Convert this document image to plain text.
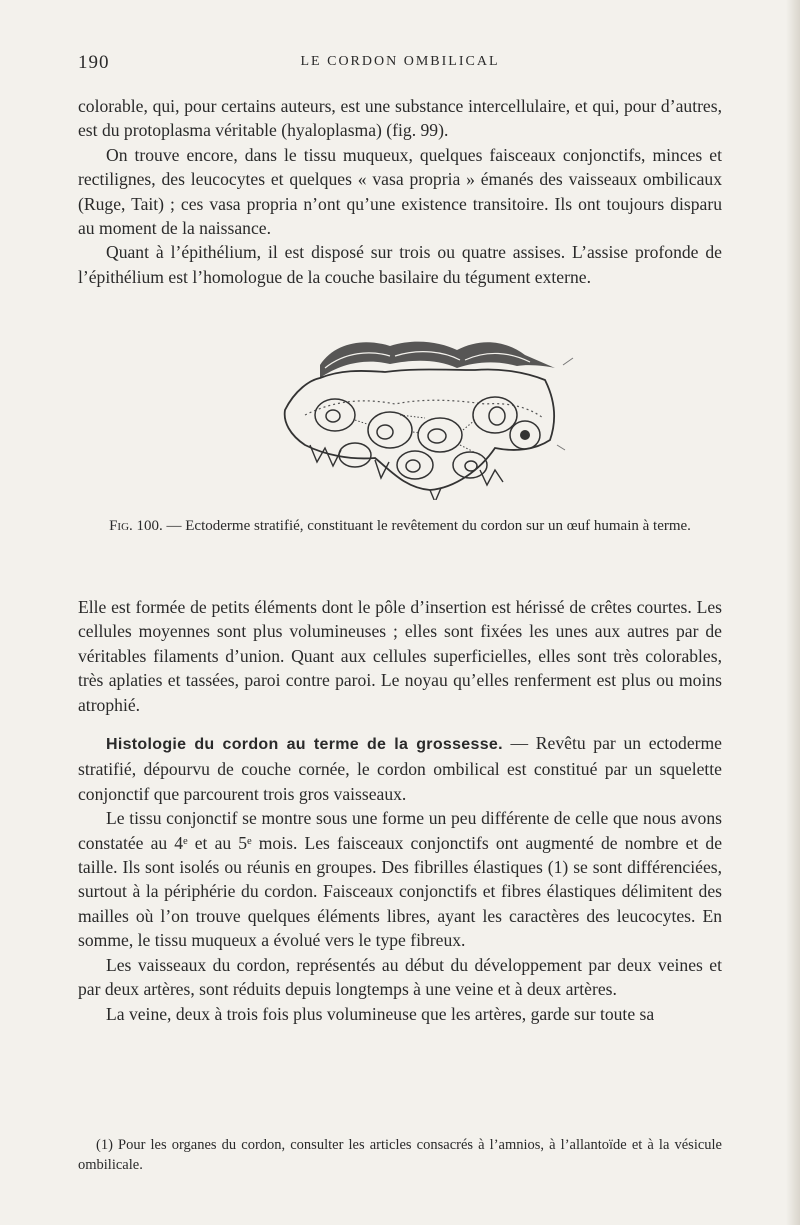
190	LE CORDON OMBILICAL

colorable, qui, pour certains auteurs, est une substance intercellulaire, et qui, pour d’autres, est du protoplasma véritable (hyaloplasma) (fig. 99).

On trouve encore, dans le tissu muqueux, quelques faisceaux conjonctifs, minces et rectilignes, des leucocytes et quelques « vasa propria » émanés des vaisseaux ombilicaux (Ruge, Tait) ; ces vasa propria n’ont qu’une existence transitoire. Ils ont toujours disparu au moment de la naissance.

Quant à l’épithélium, il est disposé sur trois ou quatre assises. L’assise profonde de l’épithélium est l’homologue de la couche basilaire du tégument externe.

Fig. 100. — Ectoderme stratifié, constituant le revêtement du cordon sur un œuf humain à terme.

Elle est formée de petits éléments dont le pôle d’insertion est hérissé de crêtes courtes. Les cellules moyennes sont plus volumineuses ; elles sont fixées les unes aux autres par de véritables filaments d’union. Quant aux cellules superficielles, elles sont très colorables, très aplaties et tassées, paroi contre paroi. Le noyau qu’elles renferment est plus ou moins atrophié.

Histologie du cordon au terme de la grossesse. — Revêtu par un ectoderme stratifié, dépourvu de couche cornée, le cordon ombilical est constitué par un squelette conjonctif que parcourent trois gros vaisseaux.

Le tissu conjonctif se montre sous une forme un peu différente de celle que nous avons constatée au 4ᵉ et au 5ᵉ mois. Les faisceaux conjonctifs ont augmenté de nombre et de taille. Ils sont isolés ou réunis en groupes. Des fibrilles élastiques (1) se sont différenciées, surtout à la périphérie du cordon. Faisceaux conjonctifs et fibres élastiques délimitent des mailles où l’on trouve quelques éléments libres, ayant les caractères des leucocytes. En somme, le tissu muqueux a évolué vers le type fibreux.

Les vaisseaux du cordon, représentés au début du développement par deux veines et par deux artères, sont réduits depuis longtemps à une veine et à deux artères.

La veine, deux à trois fois plus volumineuse que les artères, garde sur toute sa

(1) Pour les organes du cordon, consulter les articles consacrés à l’amnios, à l’allantoïde et à la vésicule ombilicale.
